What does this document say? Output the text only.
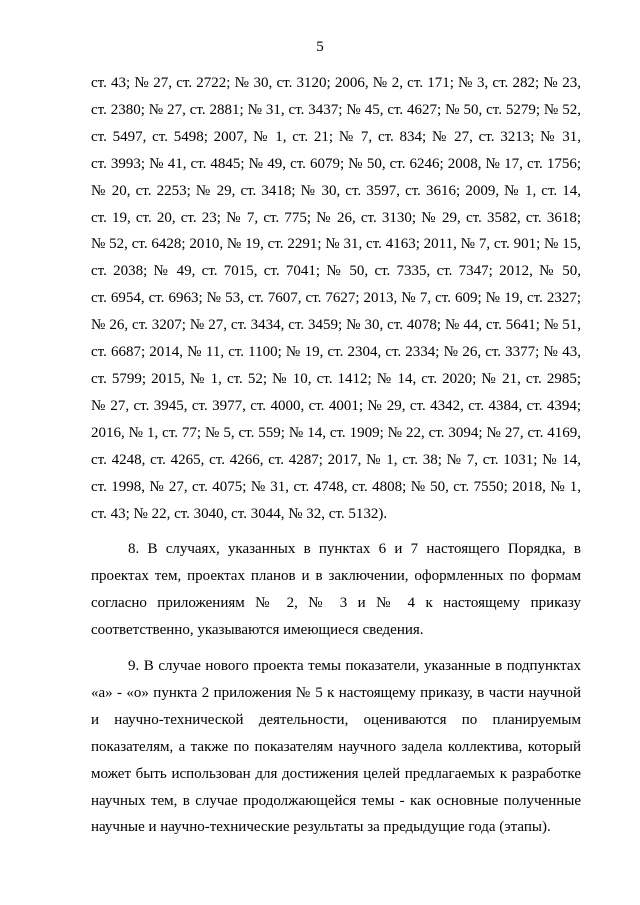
5
ст. 43; № 27, ст. 2722; № 30, ст. 3120; 2006, № 2, ст. 171; № 3, ст. 282; № 23,
ст. 2380; № 27, ст. 2881; № 31, ст. 3437; № 45, ст. 4627; № 50, ст. 5279; № 52,
ст. 5497, ст. 5498; 2007, № 1, ст. 21; № 7, ст. 834; № 27, ст. 3213; № 31,
ст. 3993; № 41, ст. 4845; № 49, ст. 6079; № 50, ст. 6246; 2008, № 17, ст. 1756;
№ 20, ст. 2253; № 29, ст. 3418; № 30, ст. 3597, ст. 3616; 2009, № 1, ст. 14,
ст. 19, ст. 20, ст. 23; № 7, ст. 775; № 26, ст. 3130; № 29, ст. 3582, ст. 3618;
№ 52, ст. 6428; 2010, № 19, ст. 2291; № 31, ст. 4163; 2011, № 7, ст. 901; № 15,
ст. 2038; № 49, ст. 7015, ст. 7041; № 50, ст. 7335, ст. 7347; 2012, № 50,
ст. 6954, ст. 6963; № 53, ст. 7607, ст. 7627; 2013, № 7, ст. 609; № 19, ст. 2327;
№ 26, ст. 3207; № 27, ст. 3434, ст. 3459; № 30, ст. 4078; № 44, ст. 5641; № 51,
ст. 6687; 2014, № 11, ст. 1100; № 19, ст. 2304, ст. 2334; № 26, ст. 3377; № 43,
ст. 5799; 2015, № 1, ст. 52; № 10, ст. 1412; № 14, ст. 2020; № 21, ст. 2985;
№ 27, ст. 3945, ст. 3977, ст. 4000, ст. 4001; № 29, ст. 4342, ст. 4384, ст. 4394;
2016, № 1, ст. 77; № 5, ст. 559; № 14, ст. 1909; № 22, ст. 3094; № 27, ст. 4169,
ст. 4248, ст. 4265, ст. 4266, ст. 4287; 2017, № 1, ст. 38; № 7, ст. 1031; № 14,
ст. 1998, № 27, ст. 4075; № 31, ст. 4748, ст. 4808; № 50, ст. 7550; 2018, № 1,
ст. 43; № 22, ст. 3040, ст. 3044, № 32, ст. 5132).
8. В случаях, указанных в пунктах 6 и 7 настоящего Порядка, в
проектах тем, проектах планов и в заключении, оформленных по формам
согласно приложениям № 2, № 3 и № 4 к настоящему приказу
соответственно, указываются имеющиеся сведения.
9. В случае нового проекта темы показатели, указанные в подпунктах
«а» - «о» пункта 2 приложения № 5 к настоящему приказу, в части научной
и научно-технической деятельности, оцениваются по планируемым
показателям, а также по показателям научного задела коллектива, который
может быть использован для достижения целей предлагаемых к разработке
научных тем, в случае продолжающейся темы - как основные полученные
научные и научно-технические результаты за предыдущие года (этапы).
